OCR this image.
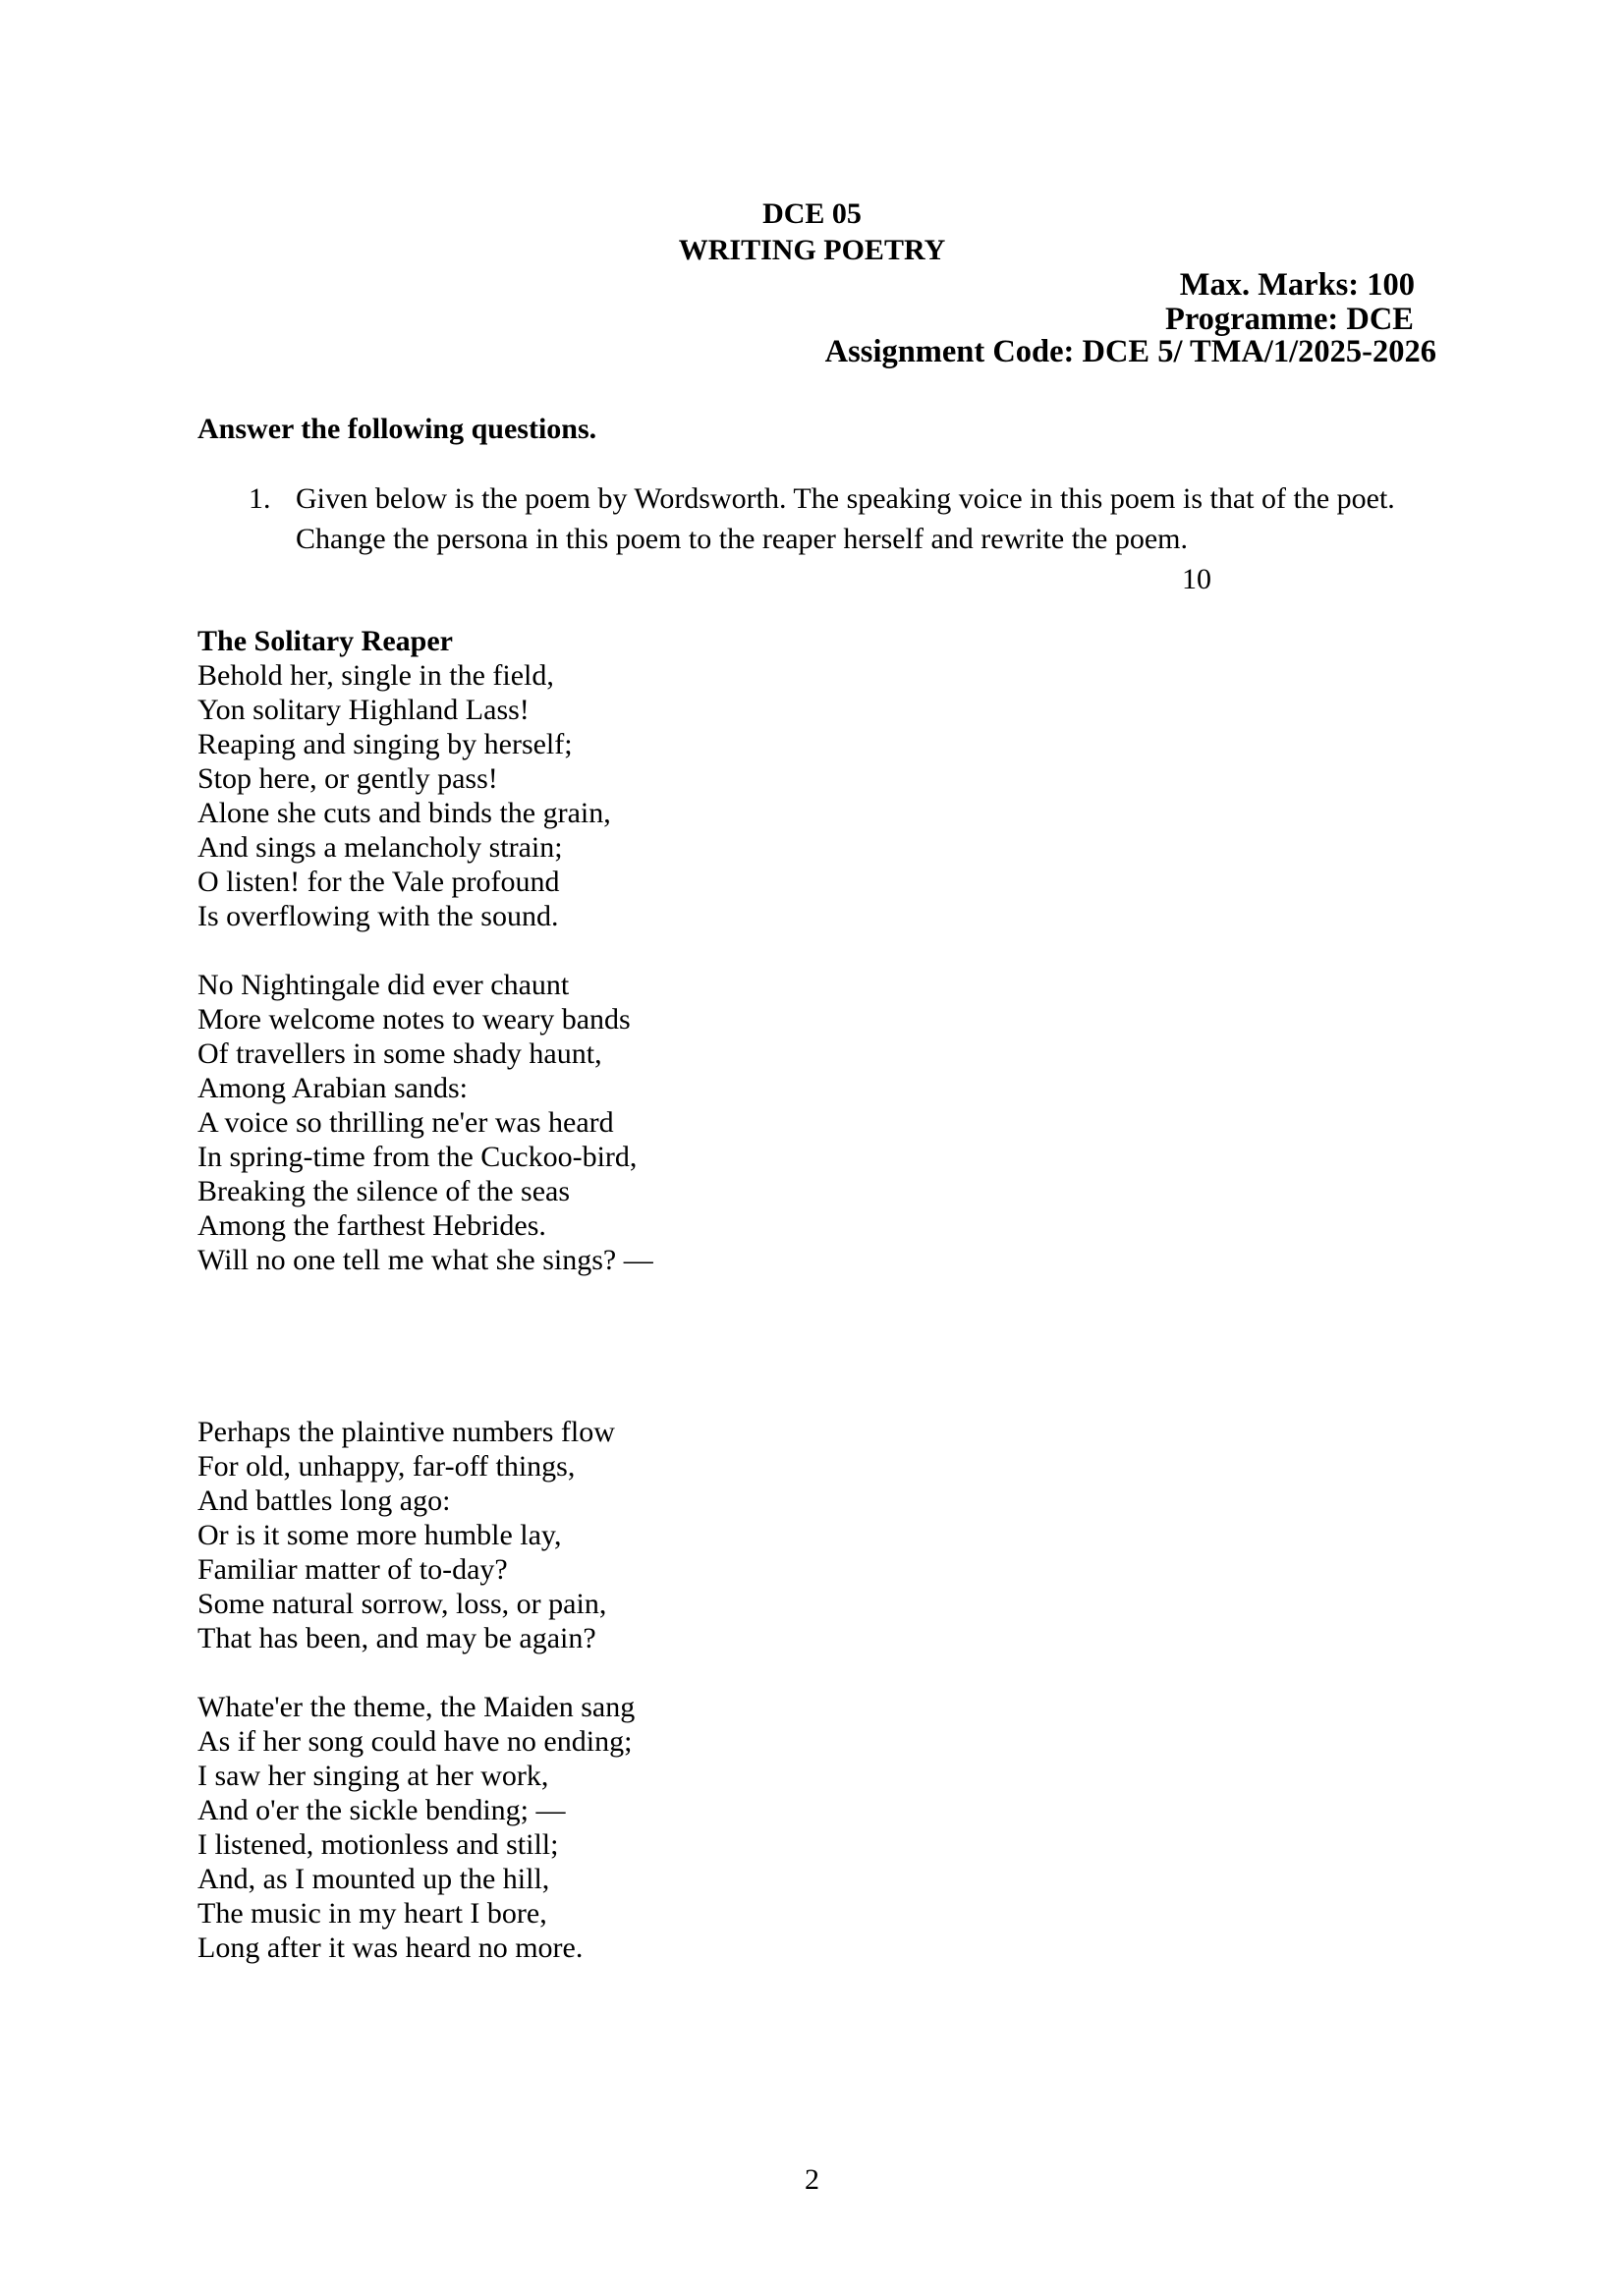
DCE 05
WRITING POETRY
Max. Marks: 100
Programme: DCE
Assignment Code: DCE 5/ TMA/1/2025-2026
Answer the following questions.
1. Given below is the poem by Wordsworth. The speaking voice in this poem is that of the poet.
Change the persona in this poem to the reaper herself and rewrite the poem.
10
The Solitary Reaper
Behold her, single in the field,
Yon solitary Highland Lass!
Reaping and singing by herself;
Stop here, or gently pass!
Alone she cuts and binds the grain,
And sings a melancholy strain;
O listen! for the Vale profound
Is overflowing with the sound.
No Nightingale did ever chaunt
More welcome notes to weary bands
Of travellers in some shady haunt,
Among Arabian sands:
A voice so thrilling ne'er was heard
In spring-time from the Cuckoo-bird,
Breaking the silence of the seas
Among the farthest Hebrides.
Will no one tell me what she sings? —
Perhaps the plaintive numbers flow
For old, unhappy, far-off things,
And battles long ago:
Or is it some more humble lay,
Familiar matter of to-day?
Some natural sorrow, loss, or pain,
That has been, and may be again?
Whate'er the theme, the Maiden sang
As if her song could have no ending;
I saw her singing at her work,
And o'er the sickle bending; —
I listened, motionless and still;
And, as I mounted up the hill,
The music in my heart I bore,
Long after it was heard no more.
2
